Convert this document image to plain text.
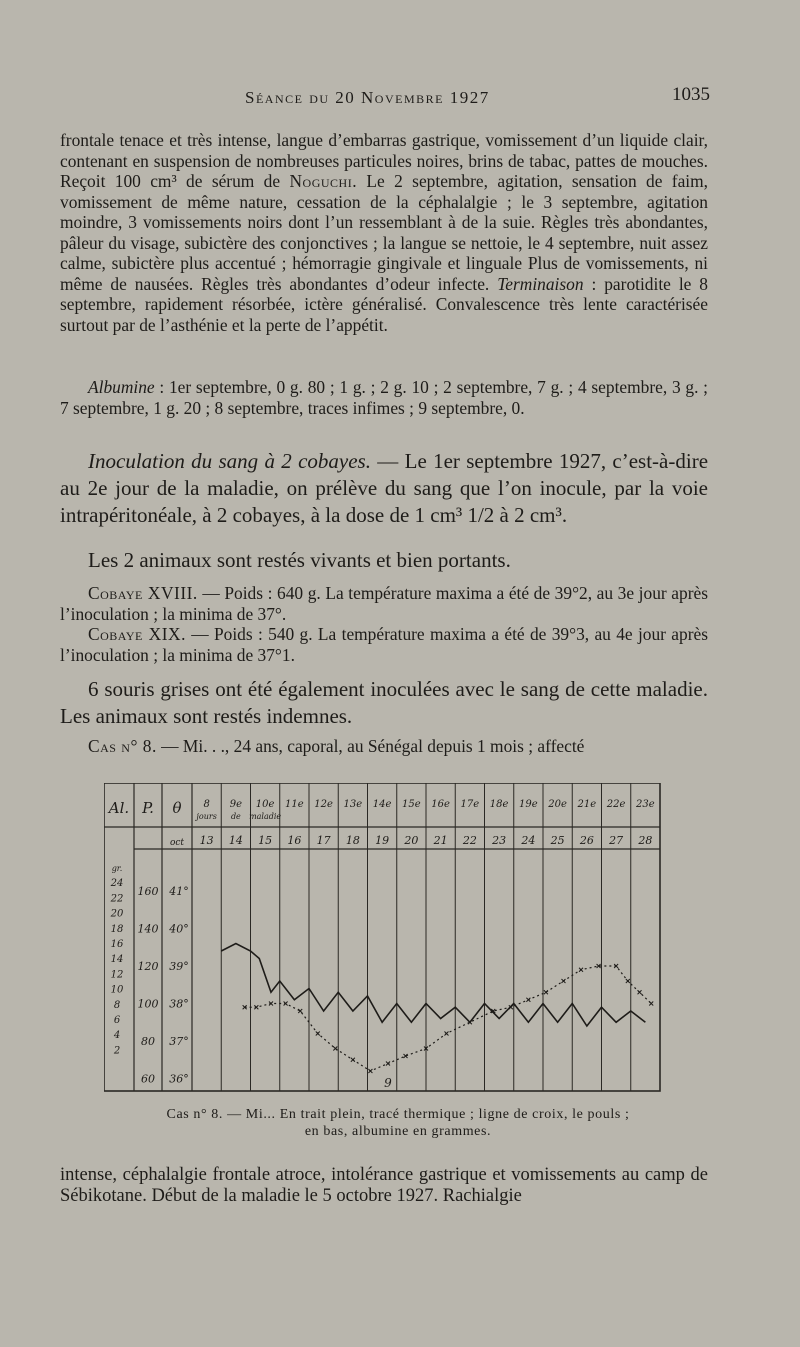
Séance du 20 Novembre 1927	1035

frontale tenace et très intense, langue d’embarras gastrique, vomissement d’un liquide clair, contenant en suspension de nombreuses particules noires, brins de tabac, pattes de mouches. Reçoit 100 cm³ de sérum de Noguchi. Le 2 septembre, agitation, sensation de faim, vomissement de même nature, cessation de la céphalalgie ; le 3 septembre, agitation moindre, 3 vomissements noirs dont l’un ressemblant à de la suie. Règles très abondantes, pâleur du visage, subictère des conjonctives ; la langue se nettoie, le 4 septembre, nuit assez calme, subictère plus accentué ; hémorragie gingivale et linguale Plus de vomissements, ni même de nausées. Règles très abondantes d’odeur infecte. Terminaison : parotidite le 8 septembre, rapidement résorbée, ictère généralisé. Convalescence très lente caractérisée surtout par de l’asthénie et la perte de l’appétit.

Albumine : 1er septembre, 0 g. 80 ; 1 g. ; 2 g. 10 ; 2 septembre, 7 g. ; 4 septembre, 3 g. ; 7 septembre, 1 g. 20 ; 8 septembre, traces infimes ; 9 septembre, 0.

Inoculation du sang à 2 cobayes. — Le 1er septembre 1927, c’est-à-dire au 2e jour de la maladie, on prélève du sang que l’on inocule, par la voie intrapéritonéale, à 2 cobayes, à la dose de 1 cm³ 1/2 à 2 cm³.

Les 2 animaux sont restés vivants et bien portants.

Cobaye XVIII. — Poids : 640 g. La température maxima a été de 39°2, au 3e jour après l’inoculation ; la minima de 37°.

Cobaye XIX. — Poids : 540 g. La température maxima a été de 39°3, au 4e jour après l’inoculation ; la minima de 37°1.

6 souris grises ont été également inoculées avec le sang de cette maladie. Les animaux sont restés indemnes.

Cas n° 8. — Mi. . ., 24 ans, caporal, au Sénégal depuis 1 mois ; affecté

Al. P. θ 8
jours
9e
de
10e
maladie
11e 12e 13e 14e 15e 16e 17e 18e 19e 20e 21e 22e 23e
oct 13 14 15 16 17 18 19 20 21 22 23 24 25 26 27 28
41°
40°
39°
38°
37°
36°
160
140
120
100
80
60
gr.
24
22
20
18
16
14
12
10
8
6
4
2
9
Cas n° 8. — Mi... En trait plein, tracé thermique ; ligne de croix, le pouls ;
en bas, albumine en grammes.

intense, céphalalgie frontale atroce, intolérance gastrique et vomissements au camp de Sébikotane. Début de la maladie le 5 octobre 1927. Rachialgie
